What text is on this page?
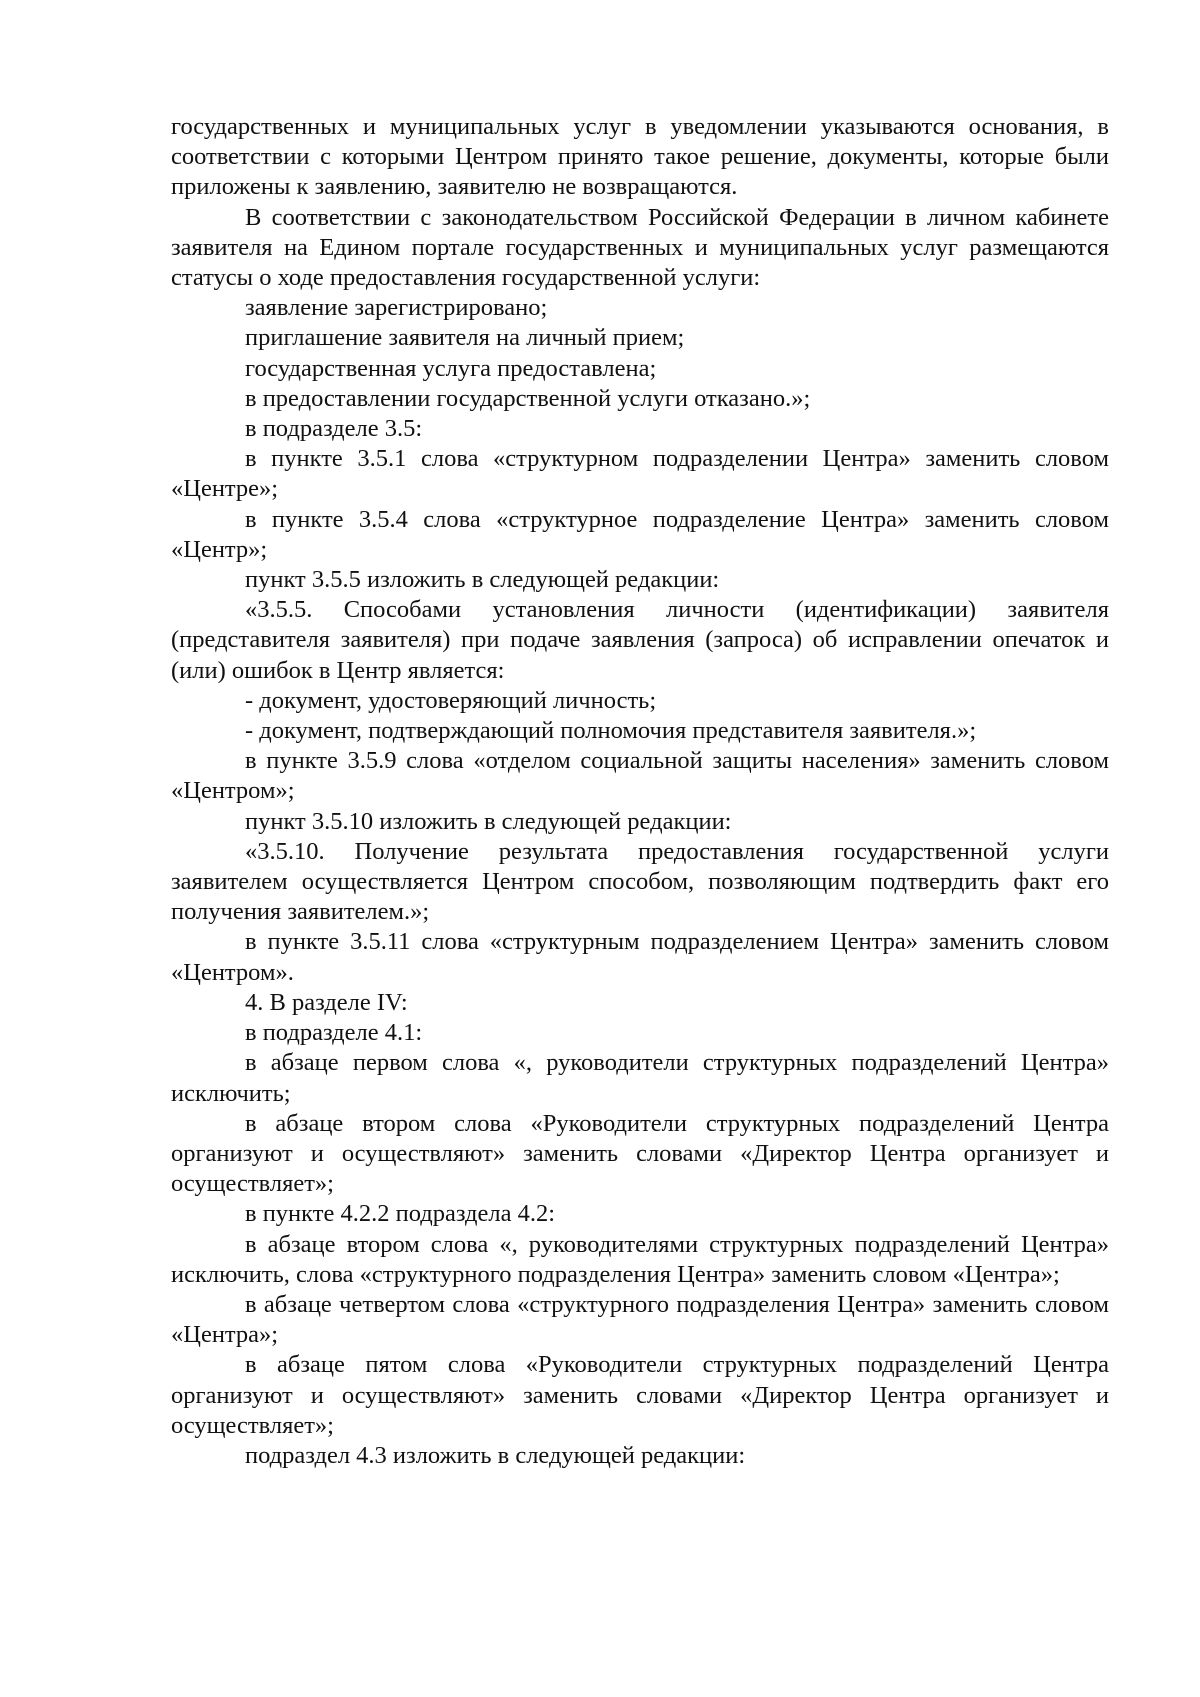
государственных и муниципальных услуг в уведомлении указываются основания, в соответствии с которыми Центром принято такое решение, документы, которые были приложены к заявлению, заявителю не возвращаются.

В соответствии с законодательством Российской Федерации в личном кабинете заявителя на Едином портале государственных и муниципальных услуг размещаются статусы о ходе предоставления государственной услуги:

заявление зарегистрировано;

приглашение заявителя на личный прием;

государственная услуга предоставлена;

в предоставлении государственной услуги отказано.»;

в подразделе 3.5:

в пункте 3.5.1 слова «структурном подразделении Центра» заменить словом «Центре»;

в пункте 3.5.4 слова «структурное подразделение Центра» заменить словом «Центр»;

пункт 3.5.5 изложить в следующей редакции:

«3.5.5. Способами установления личности (идентификации) заявителя (представителя заявителя) при подаче заявления (запроса) об исправлении опечаток и (или) ошибок в Центр является:

- документ, удостоверяющий личность;

- документ, подтверждающий полномочия представителя заявителя.»;

в пункте 3.5.9 слова «отделом социальной защиты населения» заменить словом «Центром»;

пункт 3.5.10 изложить в следующей редакции:

«3.5.10. Получение результата предоставления государственной услуги заявителем осуществляется Центром способом, позволяющим подтвердить факт его получения заявителем.»;

в пункте 3.5.11 слова «структурным подразделением Центра» заменить словом «Центром».

4. В разделе IV:

в подразделе 4.1:

в абзаце первом слова «, руководители структурных подразделений Центра» исключить;

в абзаце втором слова «Руководители структурных подразделений Центра организуют и осуществляют» заменить словами «Директор Центра организует и осуществляет»;

в пункте 4.2.2 подраздела 4.2:

в абзаце втором слова «, руководителями структурных подразделений Центра» исключить, слова «структурного подразделения Центра» заменить словом «Центра»;

в абзаце четвертом слова «структурного подразделения Центра» заменить словом «Центра»;

в абзаце пятом слова «Руководители структурных подразделений Центра организуют и осуществляют» заменить словами «Директор Центра организует и осуществляет»;

подраздел 4.3 изложить в следующей редакции:
